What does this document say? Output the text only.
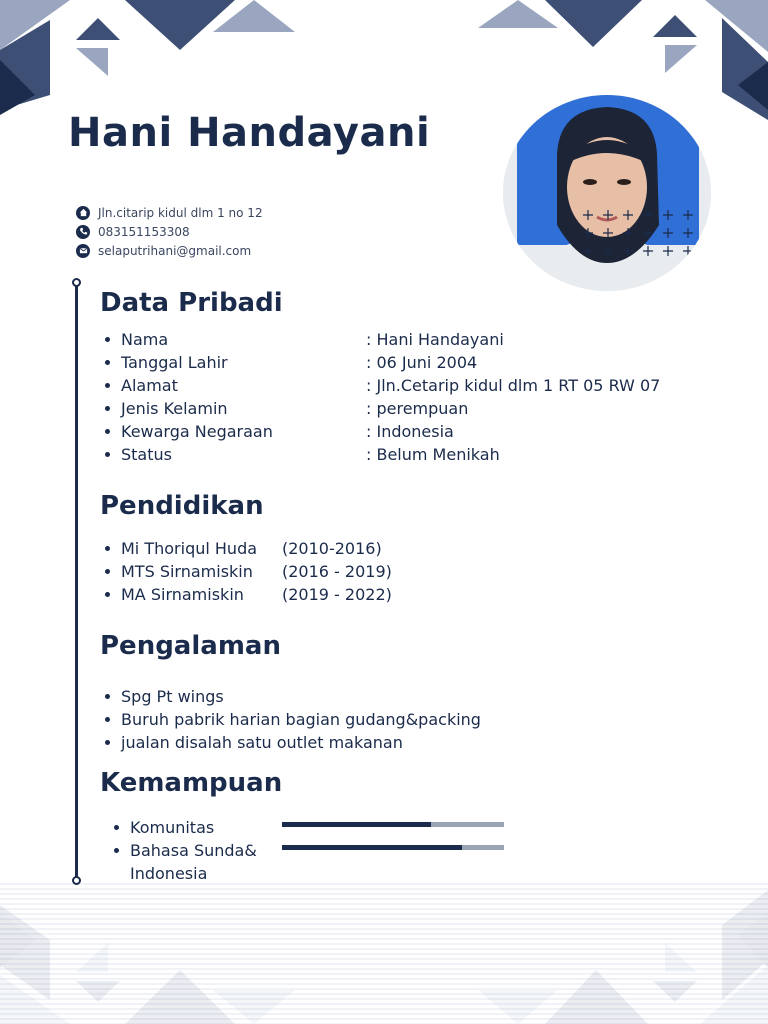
Hani Handayani
Jln.citarip kidul dlm 1 no 12
083151153308
selaputrihani@gmail.com
Data Pribadi
Nama	: Hani Handayani
Tanggal Lahir	: 06 Juni 2004
Alamat	: Jln.Cetarip kidul dlm 1 RT 05 RW 07
Jenis Kelamin	: perempuan
Kewarga Negaraan	: Indonesia
Status	: Belum Menikah
Pendidikan
Mi Thoriqul Huda (2010-2016)
MTS Sirnamiskin (2016 - 2019)
MA Sirnamiskin (2019 - 2022)
Pengalaman
Spg Pt wings
Buruh pabrik harian bagian gudang&packing
jualan disalah satu outlet makanan
Kemampuan
Komunitas
Bahasa Sunda&
Indonesia
